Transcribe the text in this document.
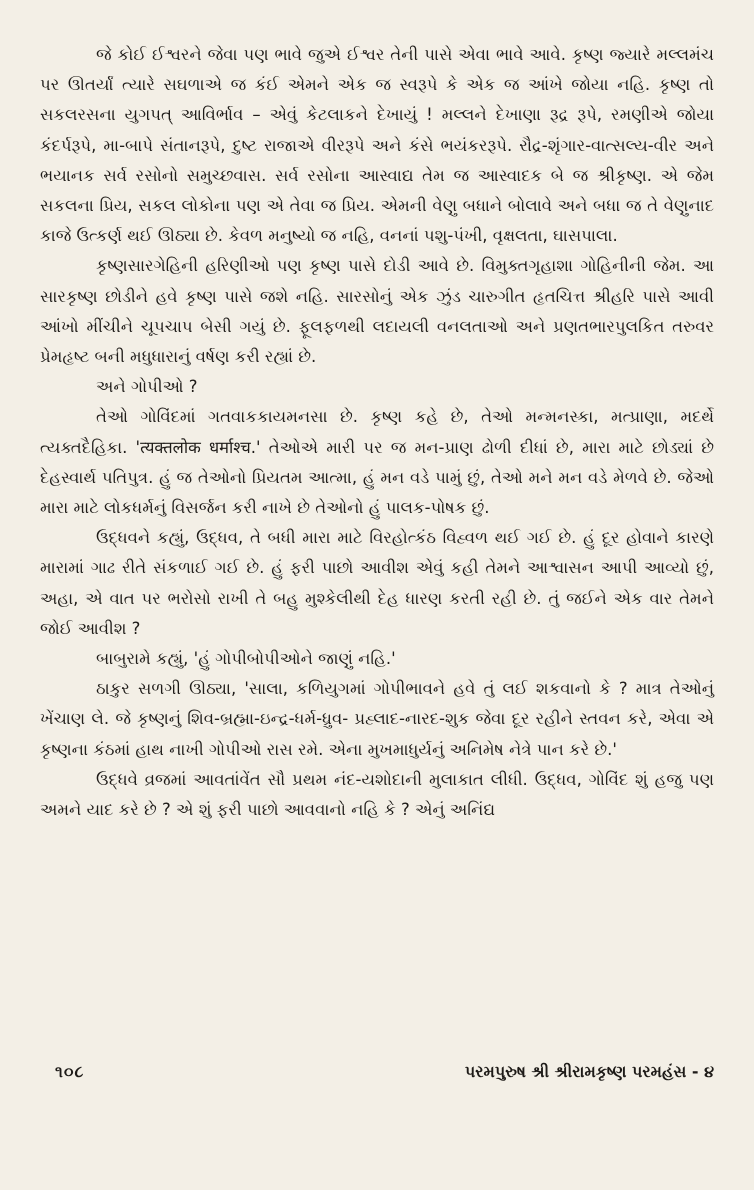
જે કોઈ ઈશ્વરને જેવા પણ ભાવે જુએ ઈશ્વર તેની પાસે એવા ભાવે આવે. કૃષ્ણ જ્યારે મલ્લમંચ પર ઊતર્યાં ત્યારે સઘળાએ જ કંઈ એમને એક જ સ્વરૂપે કે એક જ આંખે જોયા નહિ. કૃષ્ણ તો સકલરસના યુગપત્ આવિર્ભાવ – એવું કેટલાકને દેખાયું ! મલ્લને દેખાણા રૂદ્ર રૂપે, રમણીએ જોયા કંદર્પરૂપે, મા-બાપે સંતાનરૂપે, દુષ્ટ રાજાએ વીરરૂપે અને કંસે ભયંકરરૂપે. રૌદ્ર-શૃંગાર-વાત્સલ્ય-વીર અને ભયાનક સર્વ રસોનો સમુચ્છવાસ. સર્વ રસોના આસ્વાદ્ય તેમ જ આસ્વાદક બે જ શ્રીકૃષ્ણ. એ જેમ સકલના પ્રિય, સકલ લોકોના પણ એ તેવા જ પ્રિય. એમની વેણુ બધાને બોલાવે અને બધા જ તે વેણુનાદ કાજે ઉત્કર્ણ થઈ ઊઠ્યા છે. કેવળ મનુષ્યો જ નહિ, વનનાં પશુ-પંખી, વૃક્ષલતા, ઘાસપાલા.

કૃષ્ણસારગેહિની હરિણીઓ પણ કૃષ્ણ પાસે દોડી આવે છે. વિમુક્તગૃહાશા ગોહિનીની જેમ. આ સારકૃષ્ણ છોડીને હવે કૃષ્ણ પાસે જશે નહિ. સારસોનું એક ઝુંડ ચારુગીત હૃતચિત્ત શ્રીહરિ પાસે આવી આંખો મીંચીને ચૂપચાપ બેસી ગયું છે. ફૂલફળથી લદાયલી વનલતાઓ અને પ્રણતભારપુલકિત તરુવર પ્રેમહૃષ્ટ બની મધુધારાનું વર્ષણ કરી રહ્યાં છે.

અને ગોપીઓ ?

તેઓ ગોવિંદમાં ગતવાકકાયમનસા છે. કૃષ્ણ કહે છે, તેઓ મન્મનસ્કા, મત્પ્રાણા, મદર્થે ત્યક્તદૈહિકા. 'त्यक्तलोक धर्माश्च.' તેઓએ મારી પર જ મન-પ્રાણ ઢોળી દીધાં છે, મારા માટે છોડ્યાં છે દેહસ્વાર્થ પતિપુત્ર. હું જ તેઓનો પ્રિયતમ આત્મા, હું મન વડે પામું છું, તેઓ મને મન વડે મેળવે છે. જેઓ મારા માટે લોકધર્મનું વિસર્જન કરી નાખે છે તેઓનો હું પાલક-પોષક છું.

ઉદ્ધવને કહ્યું, ઉદ્ધવ, તે બધી મારા માટે વિરહોત્કંઠ વિહ્વળ થઈ ગઈ છે. હું દૂર હોવાને કારણે મારામાં ગાઢ રીતે સંકળાઈ ગઈ છે. હું ફરી પાછો આવીશ એવું કહી તેમને આશ્વાસન આપી આવ્યો છું, અહા, એ વાત પર ભરોસો રાખી તે બહુ મુશ્કેલીથી દેહ ધારણ કરતી રહી છે. તું જઈને એક વાર તેમને જોઈ આવીશ ?

બાબુરામે કહ્યું, 'હું ગોપીબોપીઓને જાણું નહિ.'

ઠાકુર સળગી ઊઠ્યા, 'સાલા, કળિયુગમાં ગોપીભાવને હવે તું લઈ શકવાનો કે ? માત્ર તેઓનું ખેંચાણ લે. જે કૃષ્ણનું શિવ-બ્રહ્મા-ઇન્દ્ર-ધર્મ-ધ્રુવ- પ્રહ્લાદ-નારદ-શુક જેવા દૂર રહીને સ્તવન કરે, એવા એ કૃષ્ણના કંઠમાં હાથ નાખી ગોપીઓ રાસ રમે. એના મુખમાધુર્યનું અનિમેષ નેત્રે પાન કરે છે.'

ઉદ્ધવે વ્રજમાં આવતાંવેંત સૌ પ્રથમ નંદ-યશોદાની મુલાકાત લીધી. ઉદ્ધવ, ગોવિંદ શું હજુ પણ અમને યાદ કરે છે ? એ શું ફરી પાછો આવવાનો નહિ કે ? એનું અનિંદ્ય

૧૦૮	પરમપુરુષ શ્રી શ્રીરામકૃષ્ણ પરમહંસ - ૪
